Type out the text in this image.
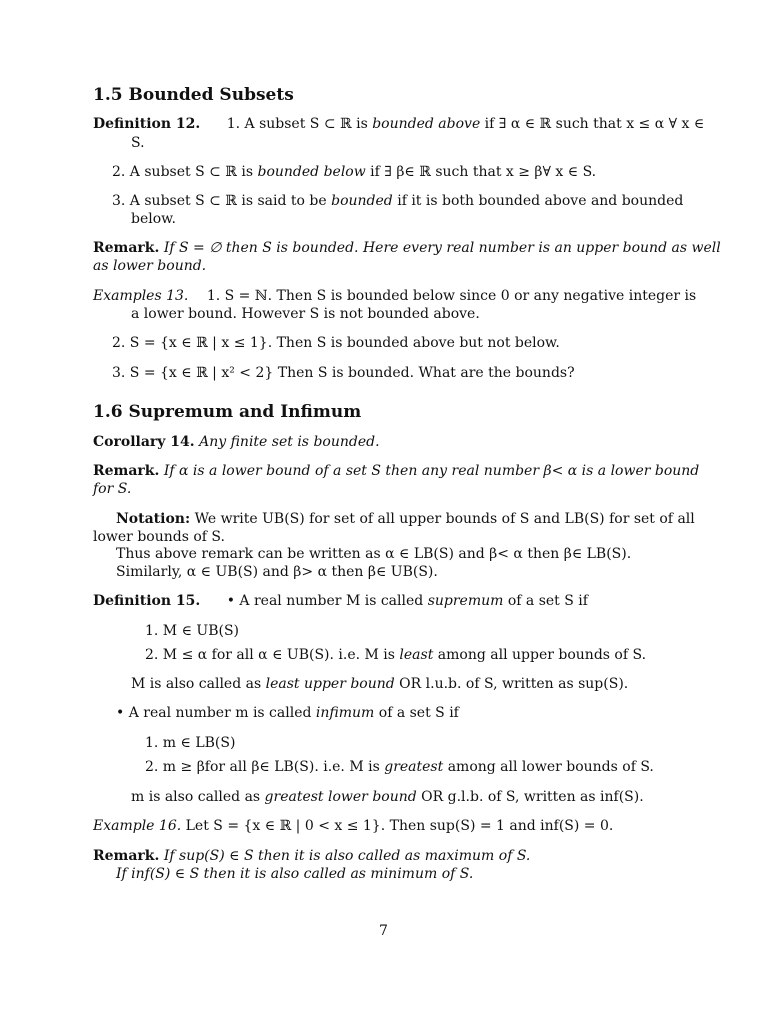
1.5 Bounded Subsets
Definition 12. 1. A subset S ⊂ ℝ is bounded above if ∃ α ∈ ℝ such that x ≤ α ∀ x ∈
S.
2. A subset S ⊂ ℝ is bounded below if ∃ β∈ ℝ such that x ≥ β∀ x ∈ S.
3. A subset S ⊂ ℝ is said to be bounded if it is both bounded above and bounded
below.
Remark. If S = ∅ then S is bounded. Here every real number is an upper bound as well
as lower bound.
Examples 13. 1. S = ℕ. Then S is bounded below since 0 or any negative integer is
a lower bound. However S is not bounded above.
2. S = {x ∈ ℝ | x ≤ 1}. Then S is bounded above but not below.
3. S = {x ∈ ℝ | x² < 2} Then S is bounded. What are the bounds?
1.6 Supremum and Infimum
Corollary 14. Any finite set is bounded.
Remark. If α is a lower bound of a set S then any real number β< α is a lower bound
for S.
Notation: We write UB(S) for set of all upper bounds of S and LB(S) for set of all
lower bounds of S.
Thus above remark can be written as α ∈ LB(S) and β< α then β∈ LB(S).
Similarly, α ∈ UB(S) and β> α then β∈ UB(S).
Definition 15. • A real number M is called supremum of a set S if
1. M ∈ UB(S)
2. M ≤ α for all α ∈ UB(S). i.e. M is least among all upper bounds of S.
M is also called as least upper bound OR l.u.b. of S, written as sup(S).
• A real number m is called infimum of a set S if
1. m ∈ LB(S)
2. m ≥ βfor all β∈ LB(S). i.e. M is greatest among all lower bounds of S.
m is also called as greatest lower bound OR g.l.b. of S, written as inf(S).
Example 16. Let S = {x ∈ ℝ | 0 < x ≤ 1}. Then sup(S) = 1 and inf(S) = 0.
Remark. If sup(S) ∈ S then it is also called as maximum of S.
If inf(S) ∈ S then it is also called as minimum of S.
7
